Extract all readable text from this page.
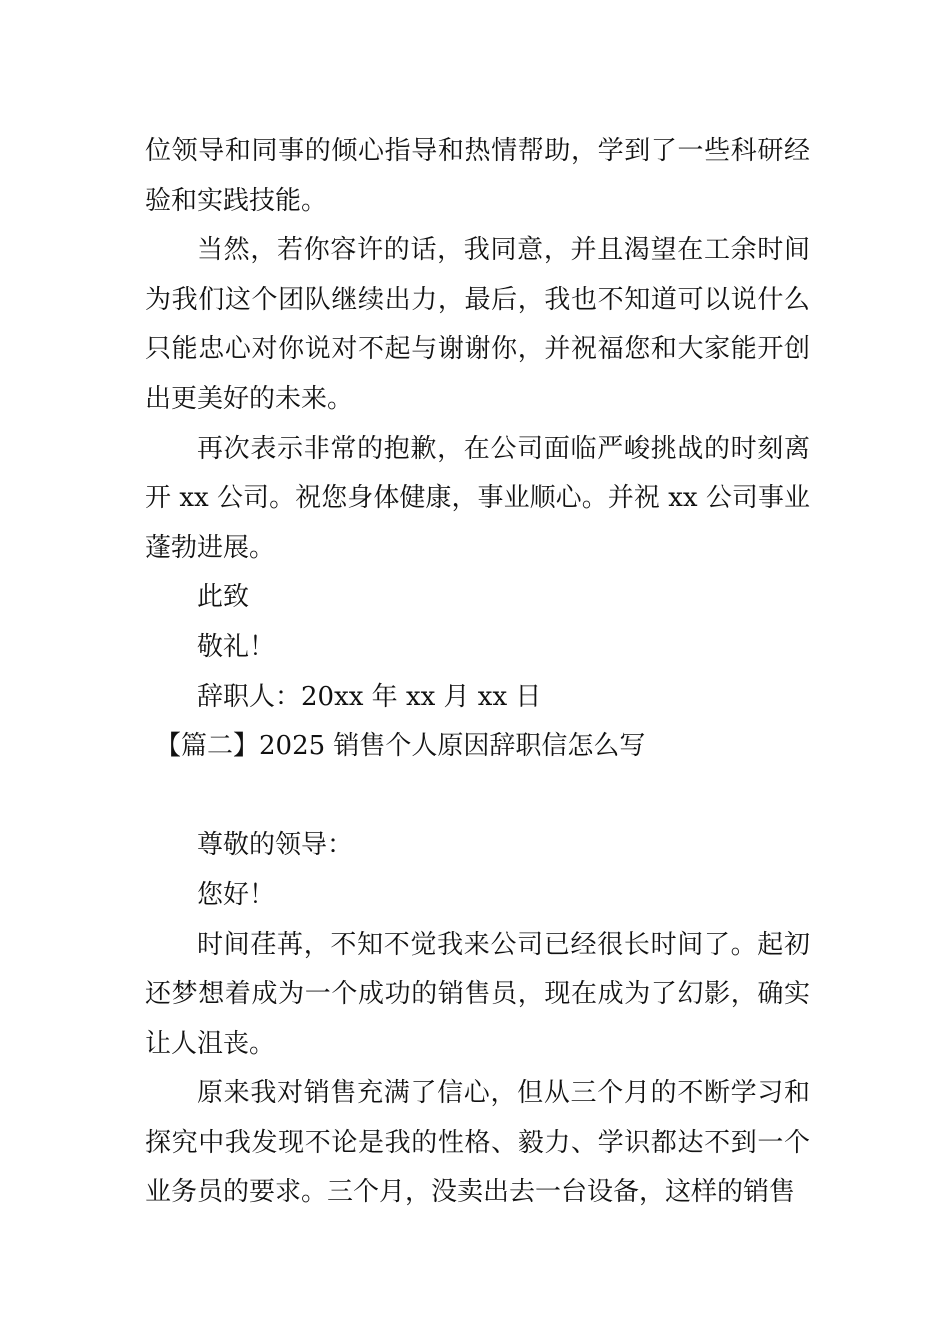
位领导和同事的倾心指导和热情帮助，学到了一些科研经验和实践技能。

当然，若你容许的话，我同意，并且渴望在工余时间为我们这个团队继续出力，最后，我也不知道可以说什么只能忠心对你说对不起与谢谢你，并祝福您和大家能开创出更美好的未来。

再次表示非常的抱歉，在公司面临严峻挑战的时刻离开 xx 公司。祝您身体健康，事业顺心。并祝 xx 公司事业蓬勃进展。

此致

敬礼！

辞职人：20xx 年 xx 月 xx 日

【篇二】2025 销售个人原因辞职信怎么写

尊敬的领导：

您好！

时间荏苒，不知不觉我来公司已经很长时间了。起初还梦想着成为一个成功的销售员，现在成为了幻影，确实让人沮丧。

原来我对销售充满了信心，但从三个月的不断学习和探究中我发现不论是我的性格、毅力、学识都达不到一个业务员的要求。三个月，没卖出去一台设备，这样的销售
